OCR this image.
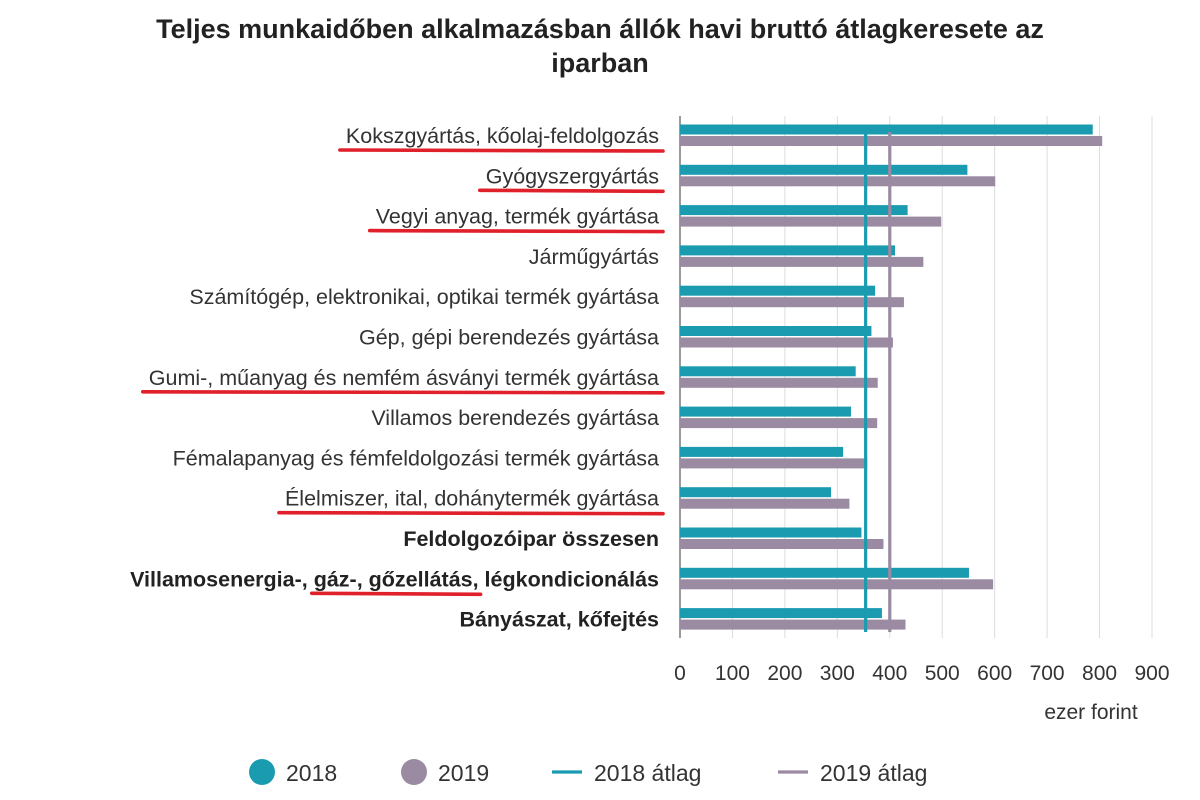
Teljes munkaidőben alkalmazásban állók havi bruttó átlagkeresete az
iparban
Kokszgyártás, kőolaj-feldolgozás
Gyógyszergyártás
Vegyi anyag, termék gyártása
Járműgyártás
Számítógép, elektronikai, optikai termék gyártása
Gép, gépi berendezés gyártása
Gumi-, műanyag és nemfém ásványi termék gyártása
Villamos berendezés gyártása
Fémalapanyag és fémfeldolgozási termék gyártása
Élelmiszer, ital, dohánytermék gyártása
Feldolgozóipar összesen
Villamosenergia-, gáz-, gőzellátás, légkondicionálás
Bányászat, kőfejtés
0 100 200 300 400 500 600 700 800 900
ezer forint
2018	2019	2018 átlag	2019 átlag
